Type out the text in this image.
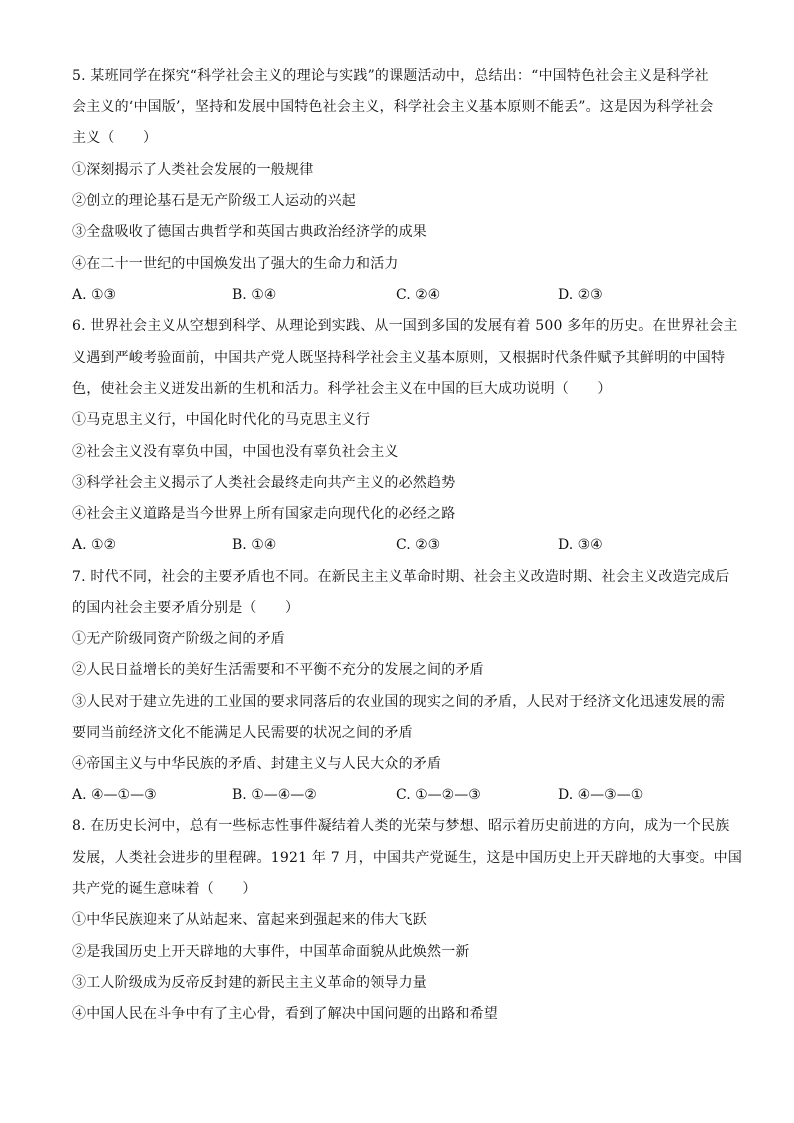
5. 某班同学在探究“科学社会主义的理论与实践”的课题活动中，总结出：“中国特色社会主义是科学社
会主义的‘中国版’，坚持和发展中国特色社会主义，科学社会主义基本原则不能丢”。这是因为科学社会
主义（　　）
①深刻揭示了人类社会发展的一般规律
②创立的理论基石是无产阶级工人运动的兴起
③全盘吸收了德国古典哲学和英国古典政治经济学的成果
④在二十一世纪的中国焕发出了强大的生命力和活力
A. ①③	B. ①④	C. ②④	D. ②③
6. 世界社会主义从空想到科学、从理论到实践、从一国到多国的发展有着 500 多年的历史。在世界社会主
义遇到严峻考验面前，中国共产党人既坚持科学社会主义基本原则，又根据时代条件赋予其鲜明的中国特
色，使社会主义迸发出新的生机和活力。科学社会主义在中国的巨大成功说明（　　）
①马克思主义行，中国化时代化的马克思主义行
②社会主义没有辜负中国，中国也没有辜负社会主义
③科学社会主义揭示了人类社会最终走向共产主义的必然趋势
④社会主义道路是当今世界上所有国家走向现代化的必经之路
A. ①②	B. ①④	C. ②③	D. ③④
7. 时代不同，社会的主要矛盾也不同。在新民主主义革命时期、社会主义改造时期、社会主义改造完成后
的国内社会主要矛盾分别是（　　）
①无产阶级同资产阶级之间的矛盾
②人民日益增长的美好生活需要和不平衡不充分的发展之间的矛盾
③人民对于建立先进的工业国的要求同落后的农业国的现实之间的矛盾，人民对于经济文化迅速发展的需
要同当前经济文化不能满足人民需要的状况之间的矛盾
④帝国主义与中华民族的矛盾、封建主义与人民大众的矛盾
A. ④—①—③	B. ①—④—②	C. ①—②—③	D. ④—③—①
8. 在历史长河中，总有一些标志性事件凝结着人类的光荣与梦想、昭示着历史前进的方向，成为一个民族
发展，人类社会进步的里程碑。1921 年 7 月，中国共产党诞生，这是中国历史上开天辟地的大事变。中国
共产党的诞生意味着（　　）
①中华民族迎来了从站起来、富起来到强起来的伟大飞跃
②是我国历史上开天辟地的大事件，中国革命面貌从此焕然一新
③工人阶级成为反帝反封建的新民主主义革命的领导力量
④中国人民在斗争中有了主心骨，看到了解决中国问题的出路和希望
